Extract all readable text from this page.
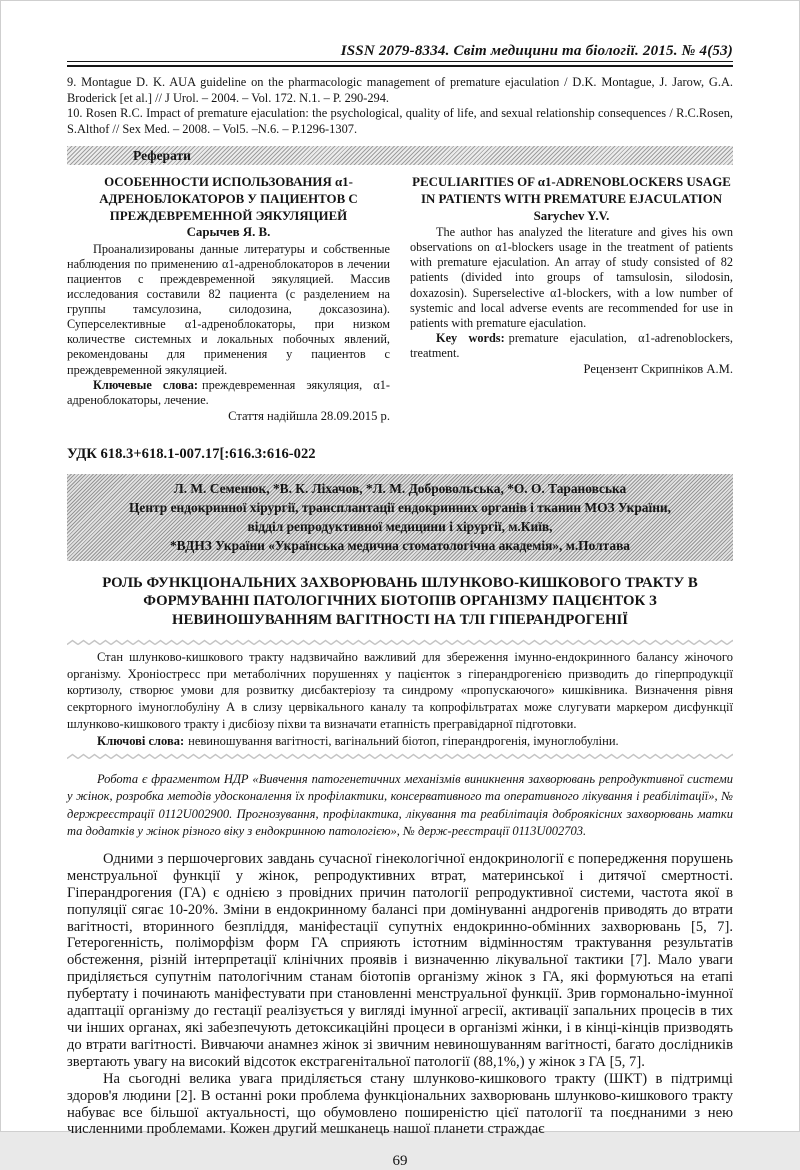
ISSN 2079-8334. Світ медицини та біології. 2015. № 4(53)

9. Montague D. K. AUA guideline on the pharmacologic management of premature ejaculation / D.K. Montague, J. Jarow, G.A. Broderick [et al.] // J Urol. – 2004. – Vol. 172. N.1. – P. 290-294.

10. Rosen R.C. Impact of premature ejaculation: the psychological, quality of life, and sexual relationship consequences / R.C.Rosen, S.Althof // Sex Med. – 2008. – Vol5. –N.6. – P.1296-1307.

Реферати
ОСОБЕННОСТИ ИСПОЛЬЗОВАНИЯ α1-АДРЕНОБЛОКАТОРОВ У ПАЦИЕНТОВ С ПРЕЖДЕВРЕМЕННОЙ ЭЯКУЛЯЦИЕЙ
Сарычев Я. В.

Проанализированы данные литературы и собственные наблюдения по применению α1-адреноблокаторов в лечении пациентов с преждевременной эякуляцией. Массив исследования составили 82 пациента (с разделением на группы тамсулозина, силодозина, доксазозина). Суперселективные α1-адреноблокаторы, при низком количестве системных и локальных побочных явлений, рекомендованы для применения у пациентов с преждевременной эякуляцией.

Ключевые слова: преждевременная эякуляция, α1-адреноблокаторы, лечение.

Стаття надійшла 28.09.2015 р.
PECULIARITIES OF α1-ADRENOBLOCKERS USAGE IN PATIENTS WITH PREMATURE EJACULATION
Sarychev Y.V.

The author has analyzed the literature and gives his own observations on α1-blockers usage in the treatment of patients with premature ejaculation. An array of study consisted of 82 patients (divided into groups of tamsulosin, silodosin, doxazosin). Superselective α1-blockers, with a low number of systemic and local adverse events are recommended for use in patients with premature ejaculation.

Key words: premature ejaculation, α1-adrenoblockers, treatment.

Рецензент Скрипніков А.М.
УДК 618.3+618.1-007.17[:616.3:616-022
Л. М. Семенюк, *В. К. Ліхачов, *Л. М. Добровольська, *О. О. Тарановська
Центр ендокринної хірургії, трансплантації ендокринних органів і тканин МОЗ України,
відділ репродуктивної медицини і хірургії, м.Київ,
*ВДНЗ України «Українська медична стоматологічна академія», м.Полтава
РОЛЬ ФУНКЦІОНАЛЬНИХ ЗАХВОРЮВАНЬ ШЛУНКОВО-КИШКОВОГО ТРАКТУ В ФОРМУВАННІ ПАТОЛОГІЧНИХ БІОТОПІВ ОРГАНІЗМУ ПАЦІЄНТОК З НЕВИНОШУВАННЯМ ВАГІТНОСТІ НА ТЛІ ГІПЕРАНДРОГЕНІЇ

Стан шлунково-кишкового тракту надзвичайно важливий для збереження імунно-ендокринного балансу жіночого організму. Хроніостресс при метаболічних порушеннях у пацієнток з гіперандрогенією призводить до гіперпродукції кортизолу, створює умови для розвитку дисбактеріозу та синдрому «пропускаючого» кишківника. Визначення рівня секрторного імуноглобуліну А в слизу цервікального каналу та копрофільтратах може слугувати маркером дисфункції шлунково-кишкового тракту і дисбіозу піхви та визначати етапність прегравідарної підготовки.

Ключові слова: невиношування вагітності, вагінальний біотоп, гіперандрогенія, імуноглобуліни.

Робота є фрагментом НДР «Вивчення патогенетичних механізмів виникнення захворювань репродуктивної системи у жінок, розробка методів удосконалення їх профілактики, консервативного та оперативного лікування і реабілітації», № держреєстрації 0112U002900. Прогнозування, профілактика, лікування та реабілітація доброякісних захворювань матки та додатків у жінок різного віку з ендокринною патологією», № держ-реєстрації 0113U002703.

Одними з першочергових завдань сучасної гінекологічної ендокринології є попередження порушень менструальної функції у жінок, репродуктивних втрат, материнської і дитячої смертності. Гіперандрогения (ГА) є однією з провідних причин патології репродуктивної системи, частота якої в популяції сягає 10-20%. Зміни в ендокринному балансі при домінуванні андрогенів приводять до втрати вагітності, вторинного безпліддя, маніфестації супутніх ендокринно-обмінних захворювань [5, 7]. Гетерогенність, поліморфізм форм ГА сприяють істотним відмінностям трактування результатів обстеження, різній інтерпретації клінічних проявів і визначенню лікувальної тактики [7]. Мало уваги приділяється супутнім патологічним станам біотопів організму жінок з ГА, які формуються на етапі пубертату і починають маніфестувати при становленні менструальної функції. Зрив гормонально-імунної адаптації організму до гестації реалізується у вигляді імунної агресії, активації запальних процесів в тих чи інших органах, які забезпечують детоксикаційні процеси в організмі жінки, і в кінці-кінців призводять до втрати вагітності. Вивчаючи анамнез жінок зі звичним невиношуванням вагітності, багато дослідників звертають увагу на високий відсоток екстрагенітальної патології (88,1%,) у жінок з ГА [5, 7].

На сьогодні велика увага приділяється стану шлунково-кишкового тракту (ШКТ) в підтримці здоров'я людини [2]. В останні роки проблема функціональних захворювань шлунково-кишкового тракту набуває все більшої актуальності, що обумовлено поширеністю цієї патології та поєднаними з нею численними проблемами. Кожен другий мешканець нашої планети страждає

69
